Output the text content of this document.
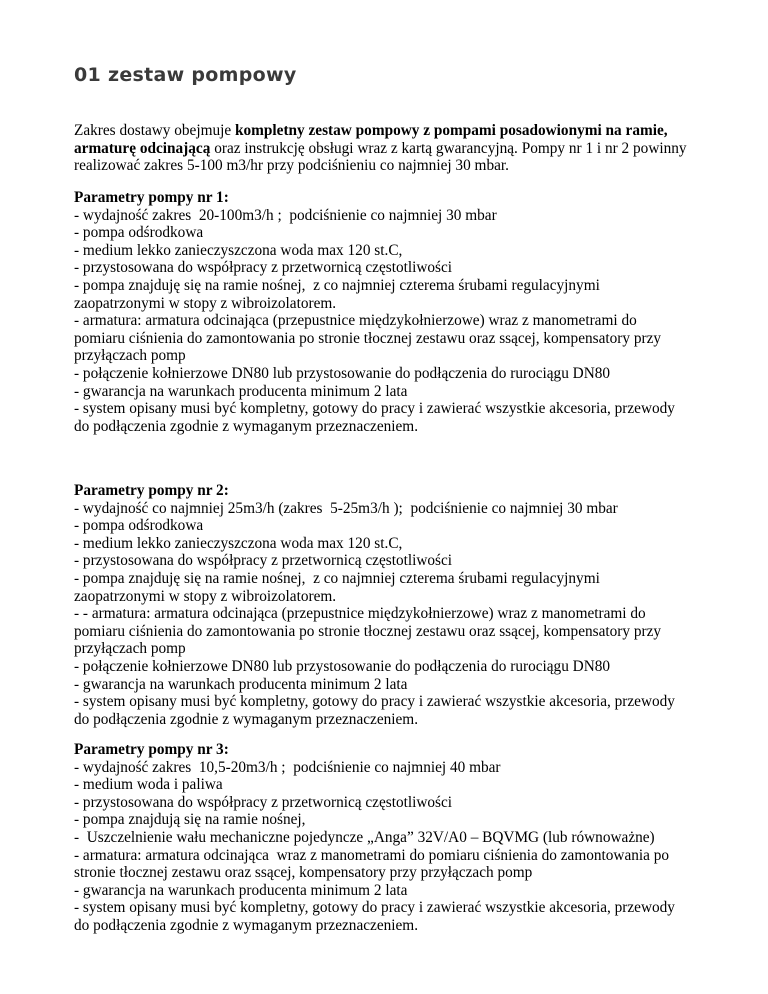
01 zestaw pompowy
Zakres dostawy obejmuje kompletny zestaw pompowy z pompami posadowionymi na ramie,
armaturę odcinającą oraz instrukcję obsługi wraz z kartą gwarancyjną. Pompy nr 1 i nr 2 powinny
realizować zakres 5-100 m3/hr przy podciśnieniu co najmniej 30 mbar.
Parametry pompy nr 1:
- wydajność zakres  20-100m3/h ;  podciśnienie co najmniej 30 mbar
- pompa odśrodkowa
- medium lekko zanieczyszczona woda max 120 st.C,
- przystosowana do współpracy z przetwornicą częstotliwości
- pompa znajduję się na ramie nośnej,  z co najmniej czterema śrubami regulacyjnymi
zaopatrzonymi w stopy z wibroizolatorem.
- armatura: armatura odcinająca (przepustnice międzykołnierzowe) wraz z manometrami do
pomiaru ciśnienia do zamontowania po stronie tłocznej zestawu oraz ssącej, kompensatory przy
przyłączach pomp
- połączenie kołnierzowe DN80 lub przystosowanie do podłączenia do rurociągu DN80
- gwarancja na warunkach producenta minimum 2 lata
- system opisany musi być kompletny, gotowy do pracy i zawierać wszystkie akcesoria, przewody
do podłączenia zgodnie z wymaganym przeznaczeniem.
Parametry pompy nr 2:
- wydajność co najmniej 25m3/h (zakres  5-25m3/h );  podciśnienie co najmniej 30 mbar
- pompa odśrodkowa
- medium lekko zanieczyszczona woda max 120 st.C,
- przystosowana do współpracy z przetwornicą częstotliwości
- pompa znajduję się na ramie nośnej,  z co najmniej czterema śrubami regulacyjnymi
zaopatrzonymi w stopy z wibroizolatorem.
- - armatura: armatura odcinająca (przepustnice międzykołnierzowe) wraz z manometrami do
pomiaru ciśnienia do zamontowania po stronie tłocznej zestawu oraz ssącej, kompensatory przy
przyłączach pomp
- połączenie kołnierzowe DN80 lub przystosowanie do podłączenia do rurociągu DN80
- gwarancja na warunkach producenta minimum 2 lata
- system opisany musi być kompletny, gotowy do pracy i zawierać wszystkie akcesoria, przewody
do podłączenia zgodnie z wymaganym przeznaczeniem.
Parametry pompy nr 3:
- wydajność zakres  10,5-20m3/h ;  podciśnienie co najmniej 40 mbar
- medium woda i paliwa
- przystosowana do współpracy z przetwornicą częstotliwości
- pompa znajdują się na ramie nośnej,
-  Uszczelnienie wału mechaniczne pojedyncze „Anga” 32V/A0 – BQVMG (lub równoważne)
- armatura: armatura odcinająca  wraz z manometrami do pomiaru ciśnienia do zamontowania po
stronie tłocznej zestawu oraz ssącej, kompensatory przy przyłączach pomp
- gwarancja na warunkach producenta minimum 2 lata
- system opisany musi być kompletny, gotowy do pracy i zawierać wszystkie akcesoria, przewody
do podłączenia zgodnie z wymaganym przeznaczeniem.
